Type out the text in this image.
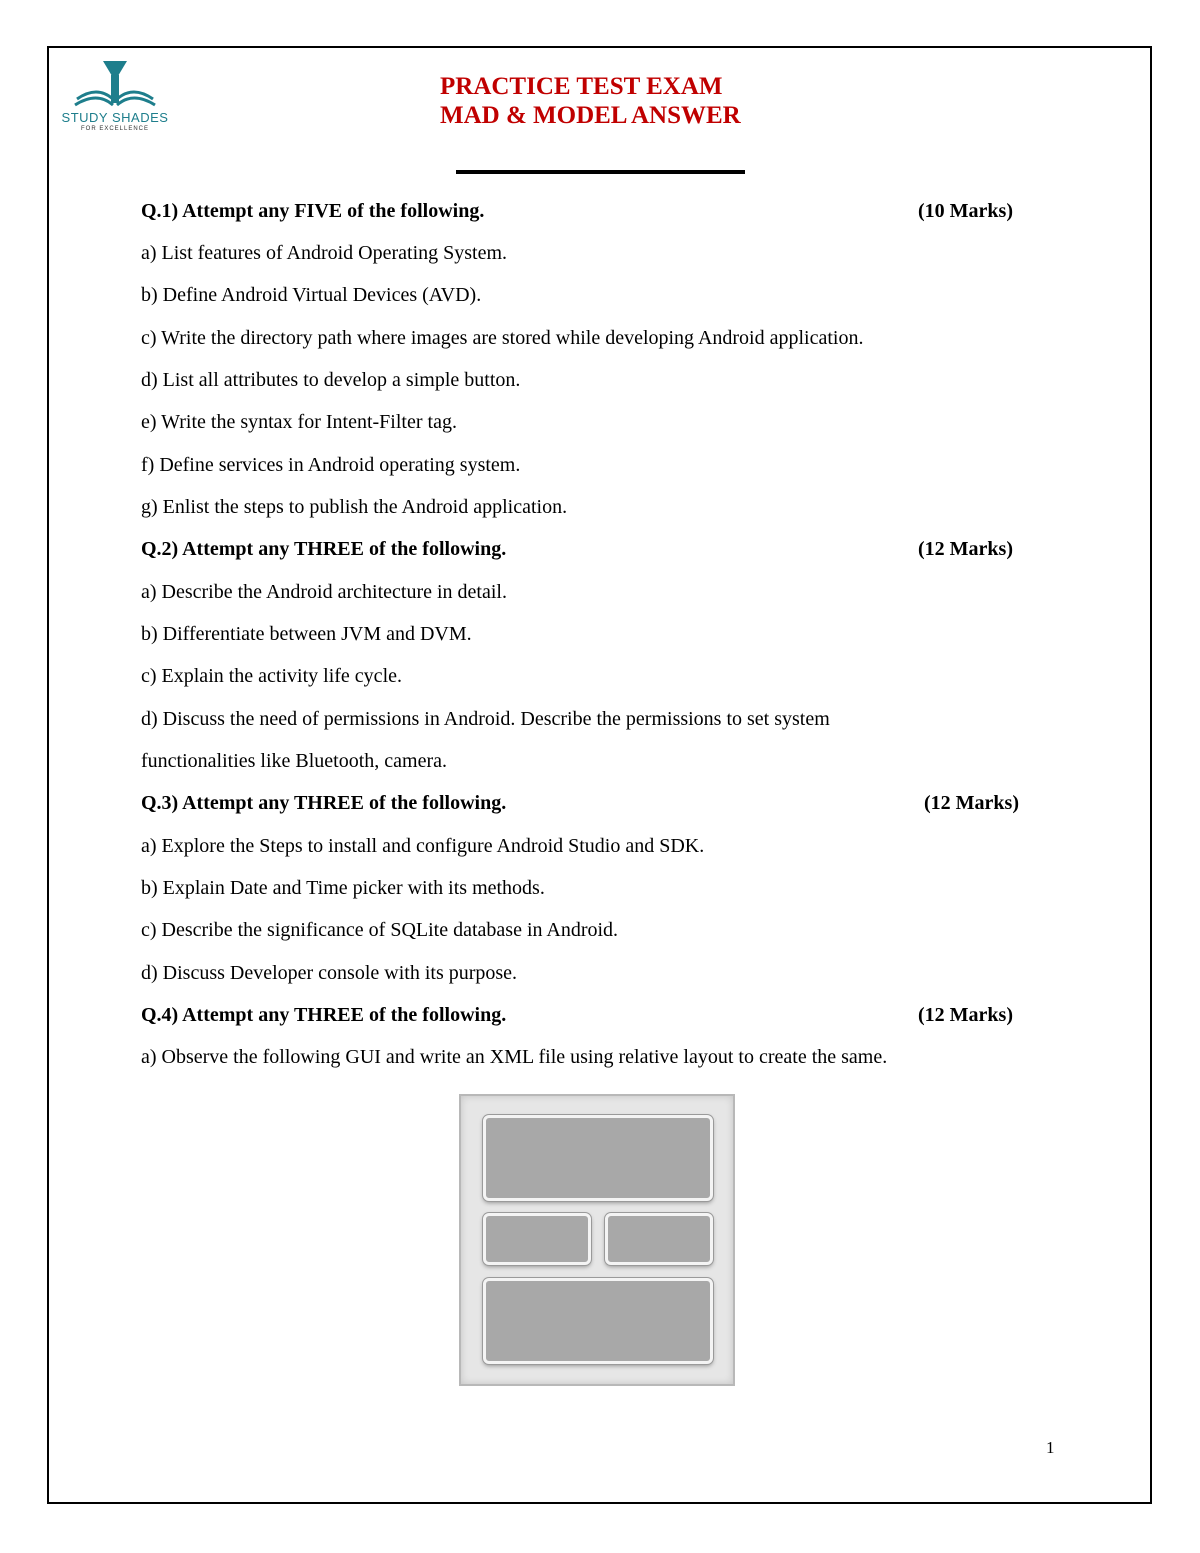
STUDY SHADES
FOR EXCELLENCE
PRACTICE TEST EXAM
MAD & MODEL ANSWER
Q.1) Attempt any FIVE of the following.	(10 Marks)
a) List features of Android Operating System.
b) Define Android Virtual Devices (AVD).
c) Write the directory path where images are stored while developing Android application.
d) List all attributes to develop a simple button.
e) Write the syntax for Intent-Filter tag.
f) Define services in Android operating system.
g) Enlist the steps to publish the Android application.
Q.2) Attempt any THREE of the following.	(12 Marks)
a) Describe the Android architecture in detail.
b) Differentiate between JVM and DVM.
c) Explain the activity life cycle.
d) Discuss the need of permissions in Android. Describe the permissions to set system
functionalities like Bluetooth, camera.
Q.3) Attempt any THREE of the following.	(12 Marks)
a) Explore the Steps to install and configure Android Studio and SDK.
b) Explain Date and Time picker with its methods.
c) Describe the significance of SQLite database in Android.
d) Discuss Developer console with its purpose.
Q.4) Attempt any THREE of the following.	(12 Marks)
a) Observe the following GUI and write an XML file using relative layout to create the same.
1
